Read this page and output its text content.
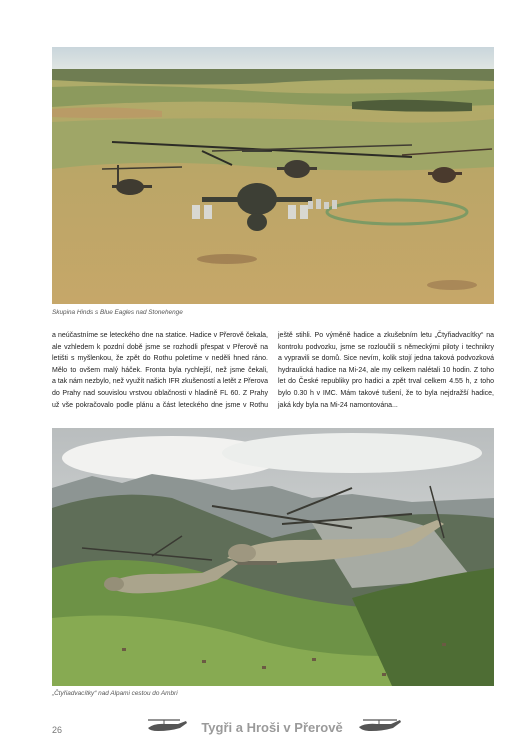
Skupina Hinds s Blue Eagles nad Stonehenge
a neúčastníme se leteckého dne na statice. Hadice v Přerově čekala,
ale vzhledem k pozdní době jsme se rozhodli přespat v Přerově na
letišti s myšlenkou, že zpět do Rothu poletíme v neděli hned ráno.
Mělo to ovšem malý háček. Fronta byla rychlejší, než jsme čekali,
a tak nám nezbylo, než využít našich IFR zkušeností a letět z Přerova
do Prahy nad souvislou vrstvou oblačnosti v hladině FL 60. Z Prahy
už vše pokračovalo podle plánu a část leteckého dne jsme v Rothu
ještě stihli. Po výměně hadice a zkušebním letu „Čtyřiadvacítky“ na
kontrolu podvozku, jsme se rozloučili s německými piloty i technikry
a vypravili se domů. Sice nevím, kolik stojí jedna taková podvozková
hydraulická hadice na Mi-24, ale my celkem nalétali 10 hodin. Z toho
let do České republiky pro hadici a zpět trval celkem 4.55 h, z toho
bylo 0.30 h v IMC. Mám takové tušení, že to byla nejdražší hadice,
jaká kdy byla na Mi-24 namontována...
„Čtyřiadvacítky“ nad Alpami cestou do Ambri
26	Tygři a Hroši v Přerově
